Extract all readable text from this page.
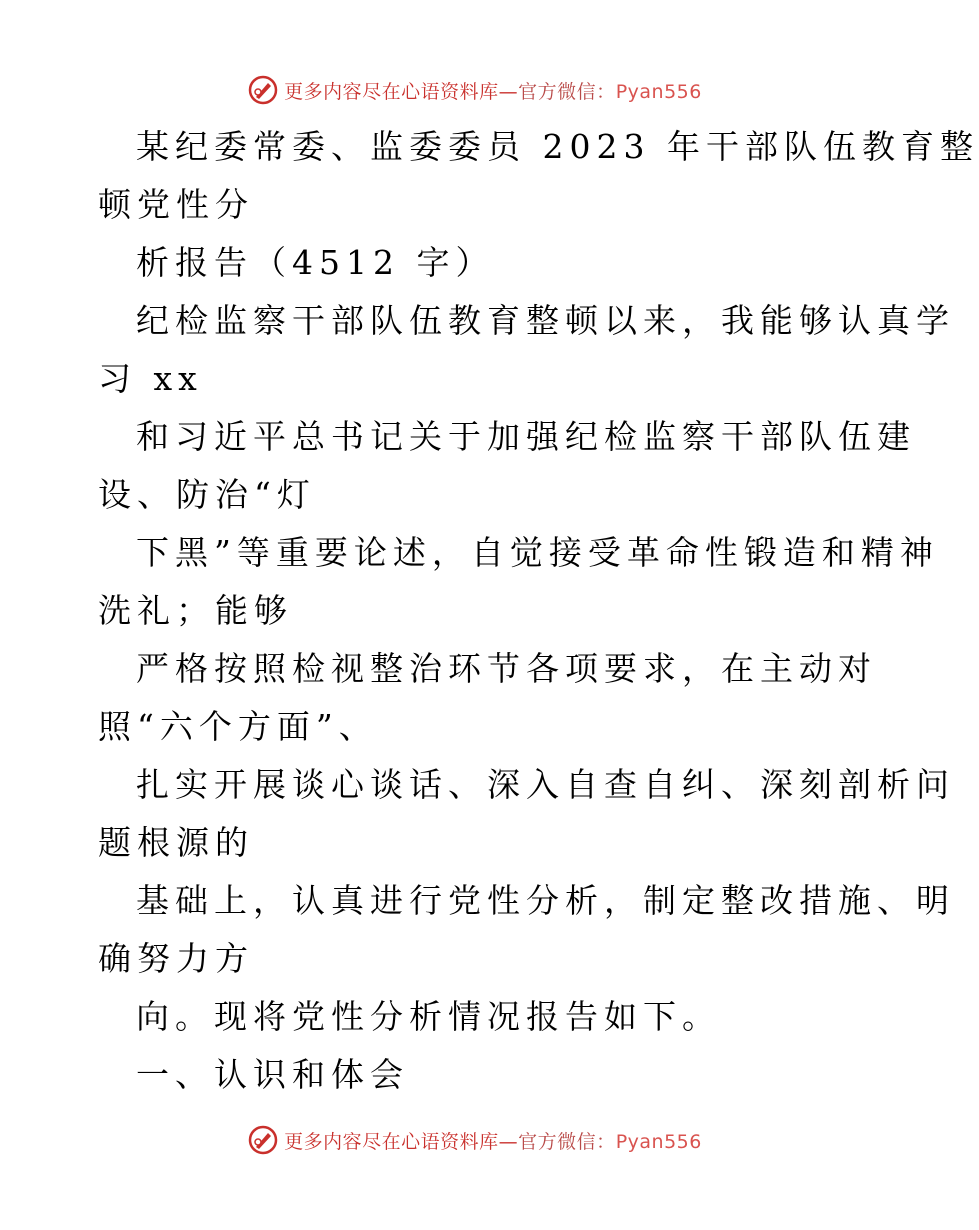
更多内容尽在心语资料库—官方微信：Pyan556
某纪委常委、监委委员 2023 年干部队伍教育整
顿党性分
析报告（4512 字）
纪检监察干部队伍教育整顿以来，我能够认真学
习 xx
和习近平总书记关于加强纪检监察干部队伍建
设、防治“灯
下黑”等重要论述，自觉接受革命性锻造和精神
洗礼；能够
严格按照检视整治环节各项要求，在主动对
照“六个方面”、
扎实开展谈心谈话、深入自查自纠、深刻剖析问
题根源的
基础上，认真进行党性分析，制定整改措施、明
确努力方
向。现将党性分析情况报告如下。
一、认识和体会
更多内容尽在心语资料库—官方微信：Pyan556
